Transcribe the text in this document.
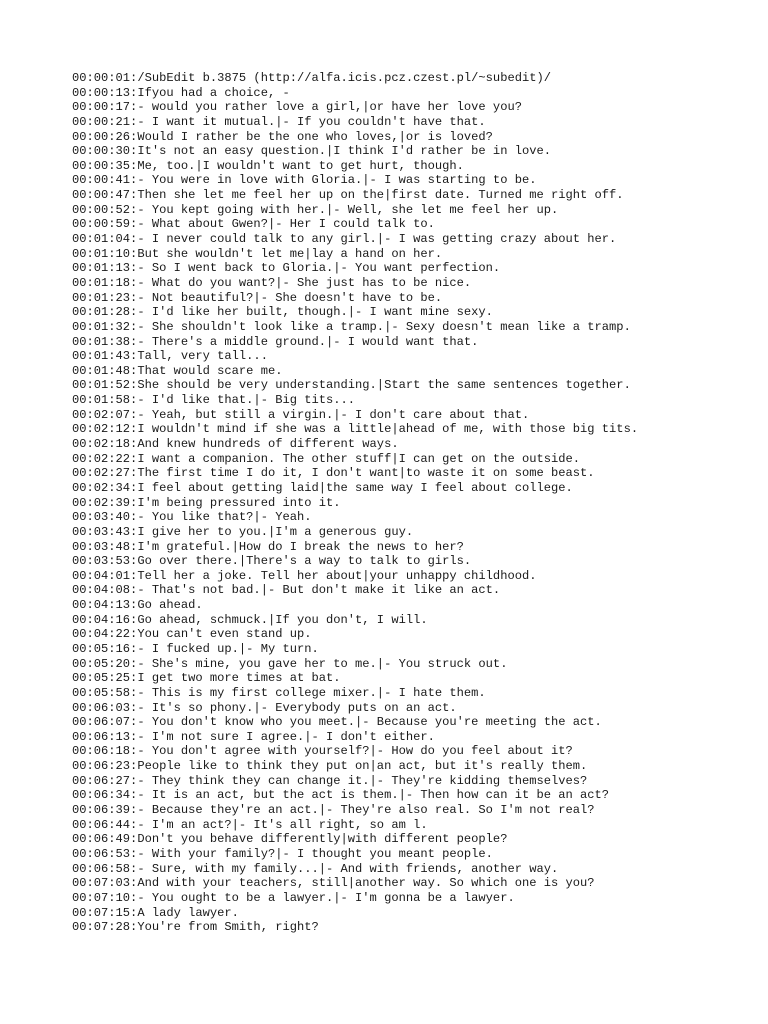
00:00:01:/SubEdit b.3875 (http://alfa.icis.pcz.czest.pl/~subedit)/
00:00:13:Ifyou had a choice, -
00:00:17:- would you rather love a girl,|or have her love you?
00:00:21:- I want it mutual.|- If you couldn't have that.
00:00:26:Would I rather be the one who loves,|or is loved?
00:00:30:It's not an easy question.|I think I'd rather be in love.
00:00:35:Me, too.|I wouldn't want to get hurt, though.
00:00:41:- You were in love with Gloria.|- I was starting to be.
00:00:47:Then she let me feel her up on the|first date. Turned me right off.
00:00:52:- You kept going with her.|- Well, she let me feel her up.
00:00:59:- What about Gwen?|- Her I could talk to.
00:01:04:- I never could talk to any girl.|- I was getting crazy about her.
00:01:10:But she wouldn't let me|lay a hand on her.
00:01:13:- So I went back to Gloria.|- You want perfection.
00:01:18:- What do you want?|- She just has to be nice.
00:01:23:- Not beautiful?|- She doesn't have to be.
00:01:28:- I'd like her built, though.|- I want mine sexy.
00:01:32:- She shouldn't look like a tramp.|- Sexy doesn't mean like a tramp.
00:01:38:- There's a middle ground.|- I would want that.
00:01:43:Tall, very tall...
00:01:48:That would scare me.
00:01:52:She should be very understanding.|Start the same sentences together.
00:01:58:- I'd like that.|- Big tits...
00:02:07:- Yeah, but still a virgin.|- I don't care about that.
00:02:12:I wouldn't mind if she was a little|ahead of me, with those big tits.
00:02:18:And knew hundreds of different ways.
00:02:22:I want a companion. The other stuff|I can get on the outside.
00:02:27:The first time I do it, I don't want|to waste it on some beast.
00:02:34:I feel about getting laid|the same way I feel about college.
00:02:39:I'm being pressured into it.
00:03:40:- You like that?|- Yeah.
00:03:43:I give her to you.|I'm a generous guy.
00:03:48:I'm grateful.|How do I break the news to her?
00:03:53:Go over there.|There's a way to talk to girls.
00:04:01:Tell her a joke. Tell her about|your unhappy childhood.
00:04:08:- That's not bad.|- But don't make it like an act.
00:04:13:Go ahead.
00:04:16:Go ahead, schmuck.|If you don't, I will.
00:04:22:You can't even stand up.
00:05:16:- I fucked up.|- My turn.
00:05:20:- She's mine, you gave her to me.|- You struck out.
00:05:25:I get two more times at bat.
00:05:58:- This is my first college mixer.|- I hate them.
00:06:03:- It's so phony.|- Everybody puts on an act.
00:06:07:- You don't know who you meet.|- Because you're meeting the act.
00:06:13:- I'm not sure I agree.|- I don't either.
00:06:18:- You don't agree with yourself?|- How do you feel about it?
00:06:23:People like to think they put on|an act, but it's really them.
00:06:27:- They think they can change it.|- They're kidding themselves?
00:06:34:- It is an act, but the act is them.|- Then how can it be an act?
00:06:39:- Because they're an act.|- They're also real. So I'm not real?
00:06:44:- I'm an act?|- It's all right, so am l.
00:06:49:Don't you behave differently|with different people?
00:06:53:- With your family?|- I thought you meant people.
00:06:58:- Sure, with my family...|- And with friends, another way.
00:07:03:And with your teachers, still|another way. So which one is you?
00:07:10:- You ought to be a lawyer.|- I'm gonna be a lawyer.
00:07:15:A lady lawyer.
00:07:28:You're from Smith, right?
